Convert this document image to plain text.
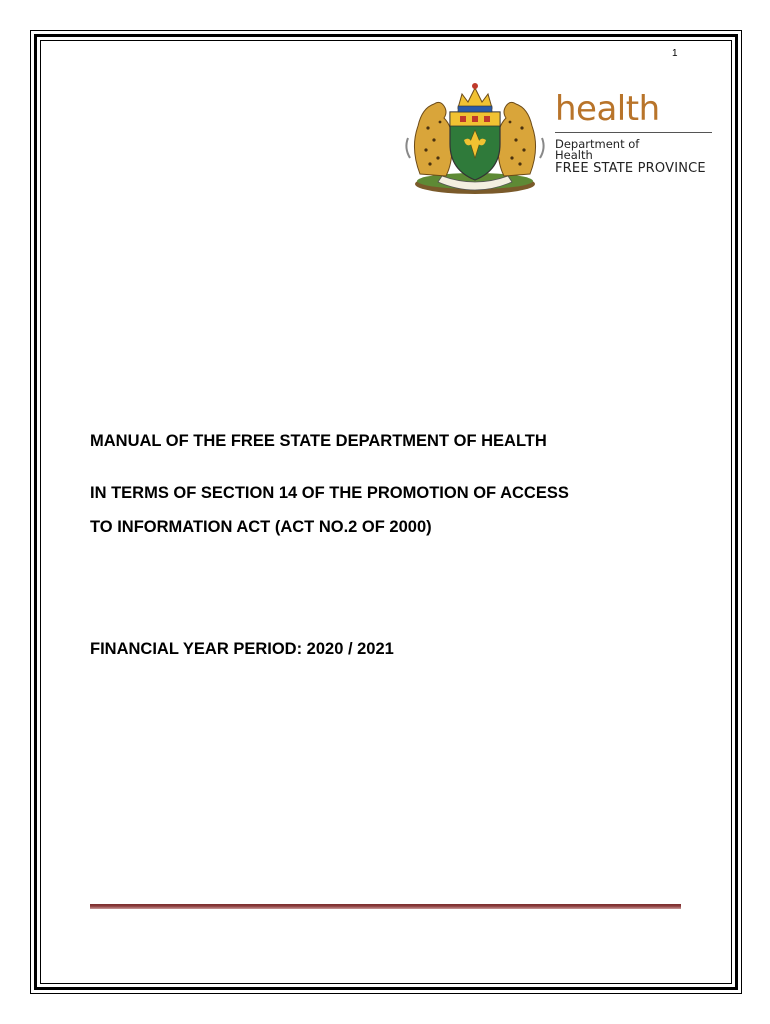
1
health
Department of
Health
FREE STATE PROVINCE
MANUAL OF THE FREE STATE DEPARTMENT OF HEALTH
IN TERMS OF SECTION 14 OF THE PROMOTION OF ACCESS
TO INFORMATION ACT (ACT NO.2 OF 2000)
FINANCIAL YEAR PERIOD: 2020 / 2021
